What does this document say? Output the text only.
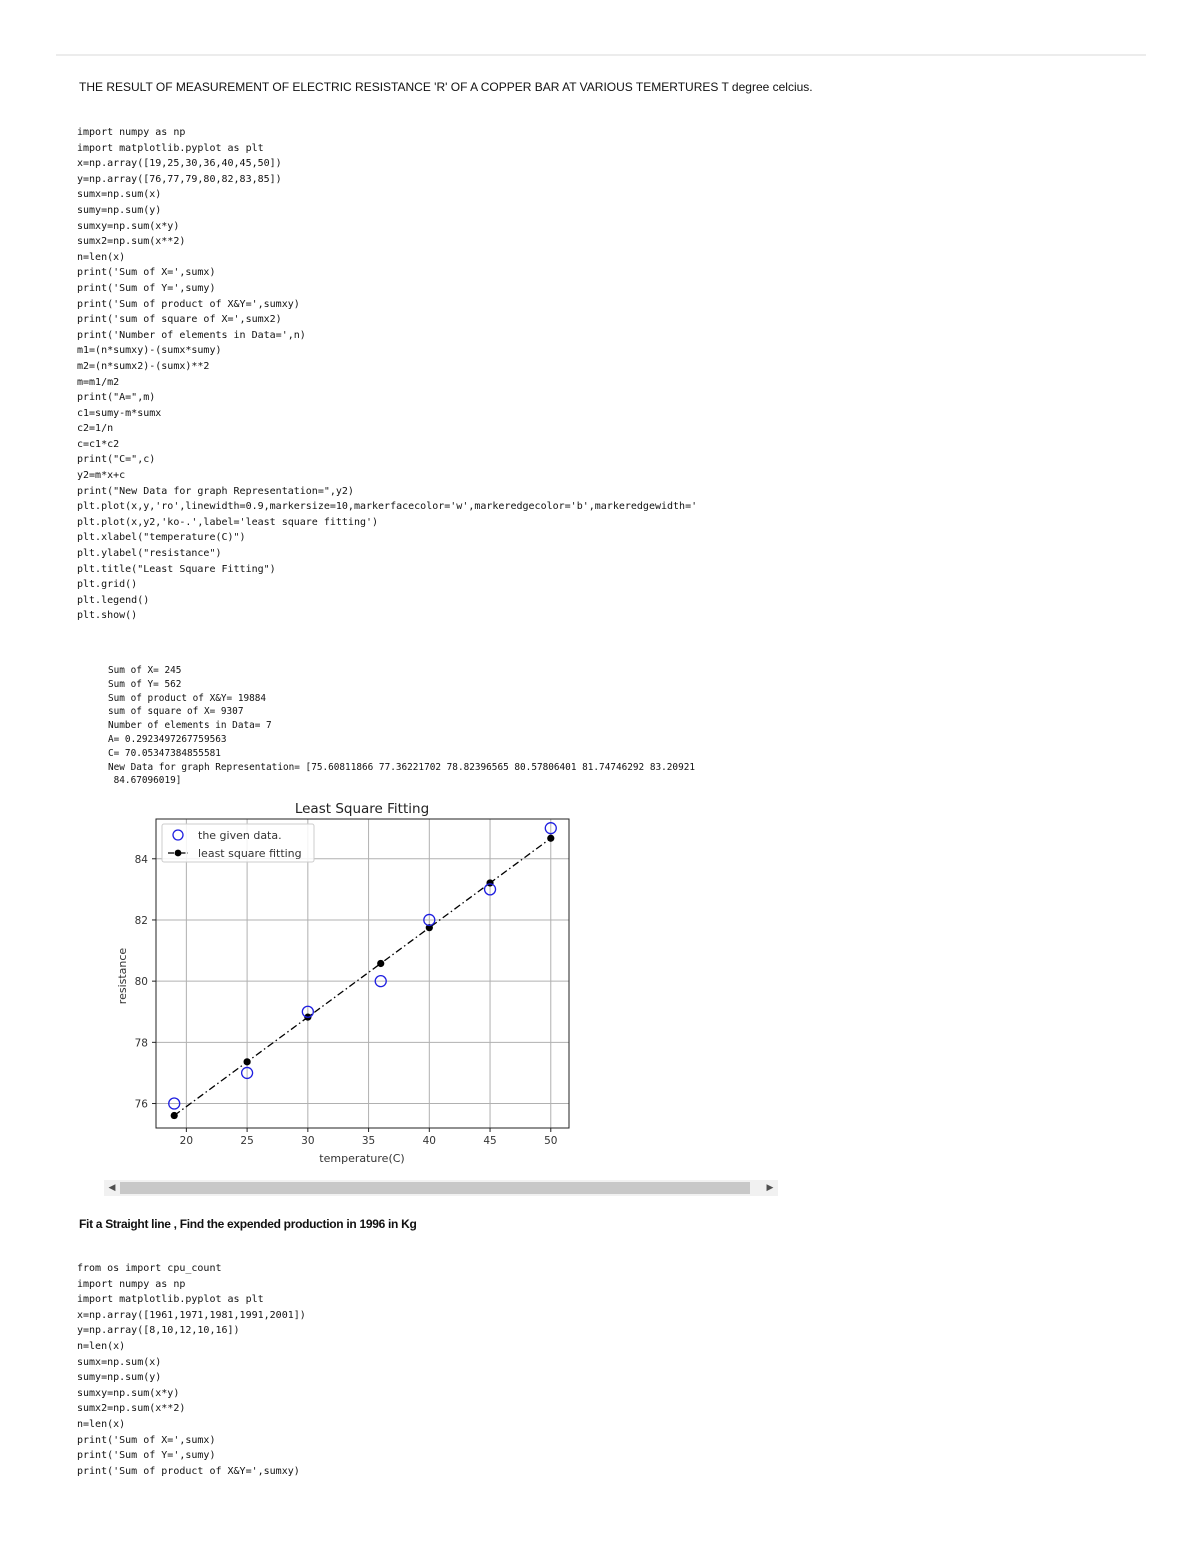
THE RESULT OF MEASUREMENT OF ELECTRIC RESISTANCE 'R' OF A COPPER BAR AT VARIOUS TEMERTURES T degree celcius.
import numpy as np
import matplotlib.pyplot as plt
x=np.array([19,25,30,36,40,45,50])
y=np.array([76,77,79,80,82,83,85])
sumx=np.sum(x)
sumy=np.sum(y)
sumxy=np.sum(x*y)
sumx2=np.sum(x**2)
n=len(x)
print('Sum of X=',sumx)
print('Sum of Y=',sumy)
print('Sum of product of X&Y=',sumxy)
print('sum of square of X=',sumx2)
print('Number of elements in Data=',n)
m1=(n*sumxy)-(sumx*sumy)
m2=(n*sumx2)-(sumx)**2
m=m1/m2
print("A=",m)
c1=sumy-m*sumx
c2=1/n
c=c1*c2
print("C=",c)
y2=m*x+c
print("New Data for graph Representation=",y2)
plt.plot(x,y,'ro',linewidth=0.9,markersize=10,markerfacecolor='w',markeredgecolor='b',markeredgewidth='
plt.plot(x,y2,'ko-.',label='least square fitting')
plt.xlabel("temperature(C)")
plt.ylabel("resistance")
plt.title("Least Square Fitting")
plt.grid()
plt.legend()
plt.show()
Sum of X= 245
Sum of Y= 562
Sum of product of X&Y= 19884
sum of square of X= 9307
Number of elements in Data= 7
A= 0.2923497267759563
C= 70.05347384855581
New Data for graph Representation= [75.60811866 77.36221702 78.82396565 80.57806401 81.74746292 83.20921
84.67096019]
Least Square Fitting
20	25	30	35	40	45	50
76
78
80
82
84
the given data.
least square fitting
temperature(C)
resistance
◀	▶
Fit a Straight line , Find the expended production in 1996 in Kg
from os import cpu_count
import numpy as np
import matplotlib.pyplot as plt
x=np.array([1961,1971,1981,1991,2001])
y=np.array([8,10,12,10,16])
n=len(x)
sumx=np.sum(x)
sumy=np.sum(y)
sumxy=np.sum(x*y)
sumx2=np.sum(x**2)
n=len(x)
print('Sum of X=',sumx)
print('Sum of Y=',sumy)
print('Sum of product of X&Y=',sumxy)
